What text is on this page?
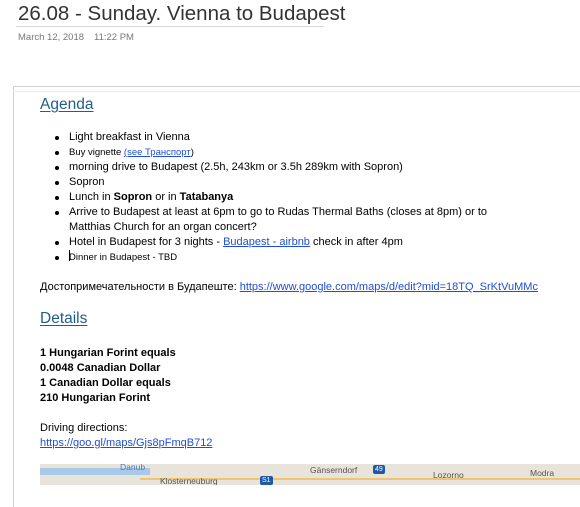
26.08 - Sunday. Vienna to Budapest
March 12, 2018 11:22 PM
Agenda
Light breakfast in Vienna
Buy vignette (see Транспорт)
morning drive to Budapest (2.5h, 243km or 3.5h 289km with Sopron)
Sopron
Lunch in Sopron or in Tatabanya
Arrive to Budapest at least at 6pm to go to Rudas Thermal Baths (closes at 8pm) or to
Matthias Church for an organ concert?
Hotel in Budapest for 3 nights - Budapest - airbnb check in after 4pm
Dinner in Budapest - TBD
Достопримечательности в Будапеште: https://www.google.com/maps/d/edit?mid=18TQ_SrKtVuMMc
Details
1 Hungarian Forint equals
0.0048 Canadian Dollar
1 Canadian Dollar equals
210 Hungarian Forint
Driving directions:
https://goo.gl/maps/Gjs8pFmqB712
Danub
Klosterneuburg	S1
Gänserndorf	49
Lozorno	Modra
